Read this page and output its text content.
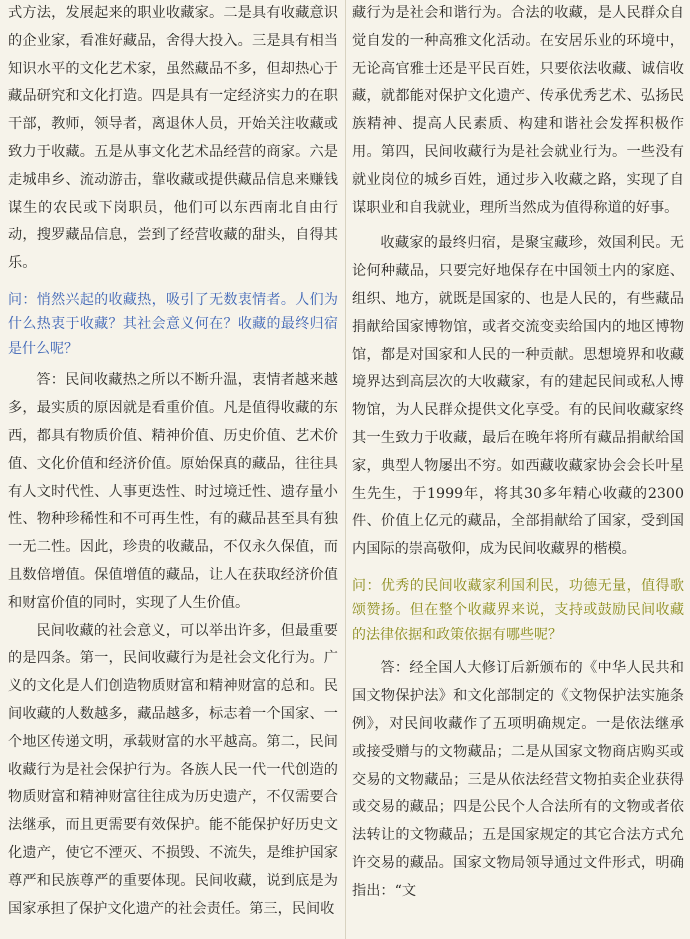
式方法，发展起来的职业收藏家。二是具有收藏意识的企业家，看准好藏品，舍得大投入。三是具有相当知识水平的文化艺术家，虽然藏品不多，但却热心于藏品研究和文化打造。四是具有一定经济实力的在职干部，教师，领导者，离退休人员，开始关注收藏或致力于收藏。五是从事文化艺术品经营的商家。六是走城串乡、流动游击，靠收藏或提供藏品信息来赚钱谋生的农民或下岗职员，他们可以东西南北自由行动，搜罗藏品信息，尝到了经营收藏的甜头，自得其乐。

问：悄然兴起的收藏热，吸引了无数衷情者。人们为什么热衷于收藏？其社会意义何在？收藏的最终归宿是什么呢？

答：民间收藏热之所以不断升温，衷情者越来越多，最实质的原因就是看重价值。凡是值得收藏的东西，都具有物质价值、精神价值、历史价值、艺术价值、文化价值和经济价值。原始保真的藏品，往往具有人文时代性、人事更迭性、时过境迁性、遗存量小性、物种珍稀性和不可再生性，有的藏品甚至具有独一无二性。因此，珍贵的收藏品，不仅永久保值，而且数倍增值。保值增值的藏品，让人在获取经济价值和财富价值的同时，实现了人生价值。

民间收藏的社会意义，可以举出许多，但最重要的是四条。第一，民间收藏行为是社会文化行为。广义的文化是人们创造物质财富和精神财富的总和。民间收藏的人数越多，藏品越多，标志着一个国家、一个地区传递文明，承载财富的水平越高。第二，民间收藏行为是社会保护行为。各族人民一代一代创造的物质财富和精神财富往往成为历史遗产，不仅需要合法继承，而且更需要有效保护。能不能保护好历史文化遗产，使它不湮灭、不损毁、不流失，是维护国家尊严和民族尊严的重要体现。民间收藏，说到底是为国家承担了保护文化遗产的社会责任。第三，民间收

藏行为是社会和谐行为。合法的收藏，是人民群众自觉自发的一种高雅文化活动。在安居乐业的环境中，无论高官雅士还是平民百姓，只要依法收藏、诚信收藏，就都能对保护文化遗产、传承优秀艺术、弘扬民族精神、提高人民素质、构建和谐社会发挥积极作用。第四，民间收藏行为是社会就业行为。一些没有就业岗位的城乡百姓，通过步入收藏之路，实现了自谋职业和自我就业，理所当然成为值得称道的好事。

收藏家的最终归宿，是聚宝藏珍，效国利民。无论何种藏品，只要完好地保存在中国领土内的家庭、组织、地方，就既是国家的、也是人民的，有些藏品捐献给国家博物馆，或者交流变卖给国内的地区博物馆，都是对国家和人民的一种贡献。思想境界和收藏境界达到高层次的大收藏家，有的建起民间或私人博物馆，为人民群众提供文化享受。有的民间收藏家终其一生致力于收藏，最后在晚年将所有藏品捐献给国家，典型人物屡出不穷。如西藏收藏家协会会长叶星生先生，于1999年，将其30多年精心收藏的2300件、价值上亿元的藏品，全部捐献给了国家，受到国内国际的崇高敬仰，成为民间收藏界的楷模。

问：优秀的民间收藏家利国利民，功德无量，值得歌颂赞扬。但在整个收藏界来说，支持或鼓励民间收藏的法律依据和政策依据有哪些呢？

答：经全国人大修订后新颁布的《中华人民共和国文物保护法》和文化部制定的《文物保护法实施条例》，对民间收藏作了五项明确规定。一是依法继承或接受赠与的文物藏品；二是从国家文物商店购买或交易的文物藏品；三是从依法经营文物拍卖企业获得或交易的藏品；四是公民个人合法所有的文物或者依法转让的文物藏品；五是国家规定的其它合法方式允许交易的藏品。国家文物局领导通过文件形式，明确指出：“文
